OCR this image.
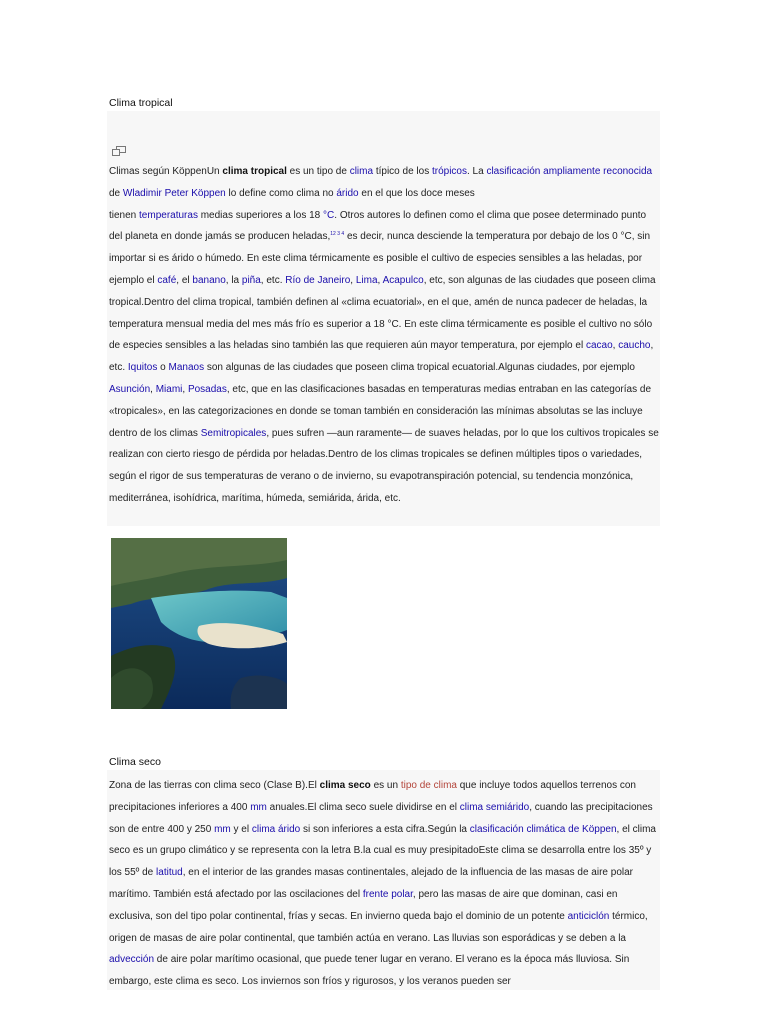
Clima tropical

Climas según KöppenUn clima tropical es un tipo de clima típico de los trópicos. La clasificación ampliamente reconocida de Wladimir Peter Köppen lo define como clima no árido en el que los doce meses
tienen temperaturas medias superiores a los 18 °C. Otros autores lo definen como el clima que posee determinado punto del planeta en donde jamás se producen heladas,$^{12 3 4}$ es decir, nunca desciende la temperatura por debajo de los 0 °C, sin importar si es árido o húmedo. En este clima térmicamente es posible el cultivo de especies sensibles a las heladas, por ejemplo el café, el banano, la piña, etc. Río de Janeiro, Lima, Acapulco, etc, son algunas de las ciudades que poseen clima tropical.Dentro del clima tropical, también definen al «clima ecuatorial», en el que, amén de nunca padecer de heladas, la temperatura mensual media del mes más frío es superior a 18 °C. En este clima térmicamente es posible el cultivo no sólo de especies sensibles a las heladas sino también las que requieren aún mayor temperatura, por ejemplo el cacao, caucho, etc. Iquitos o Manaos son algunas de las ciudades que poseen clima tropical ecuatorial.Algunas ciudades, por ejemplo Asunción, Miami, Posadas, etc, que en las clasificaciones basadas en temperaturas medias entraban en las categorías de «tropicales», en las categorizaciones en donde se toman también en consideración las mínimas absolutas se las incluye dentro de los climas Semitropicales, pues sufren —aun raramente— de suaves heladas, por lo que los cultivos tropicales se realizan con cierto riesgo de pérdida por heladas.Dentro de los climas tropicales se definen múltiples tipos o variedades, según el rigor de sus temperaturas de verano o de invierno, su evapotranspiración potencial, su tendencia monzónica, mediterránea, isohídrica, marítima, húmeda, semiárida, árida, etc.

Clima seco

Zona de las tierras con clima seco (Clase B).El clima seco es un tipo de clima que incluye todos aquellos terrenos con precipitaciones inferiores a 400 mm anuales.El clima seco suele dividirse en el clima semiárido, cuando las precipitaciones son de entre 400 y 250 mm y el clima árido si son inferiores a esta cifra.Según la clasificación climática de Köppen, el clima seco es un grupo climático y se representa con la letra B.la cual es muy presipitadoEste clima se desarrolla entre los 35º y los 55º de latitud, en el interior de las grandes masas continentales, alejado de la influencia de las masas de aire polar marítimo. También está afectado por las oscilaciones del frente polar, pero las masas de aire que dominan, casi en exclusiva, son del tipo polar continental, frías y secas. En invierno queda bajo el dominio de un potente anticiclón térmico, origen de masas de aire polar continental, que también actúa en verano. Las lluvias son esporádicas y se deben a la advección de aire polar marítimo ocasional, que puede tener lugar en verano. El verano es la época más lluviosa. Sin embargo, este clima es seco. Los inviernos son fríos y rigurosos, y los veranos pueden ser
